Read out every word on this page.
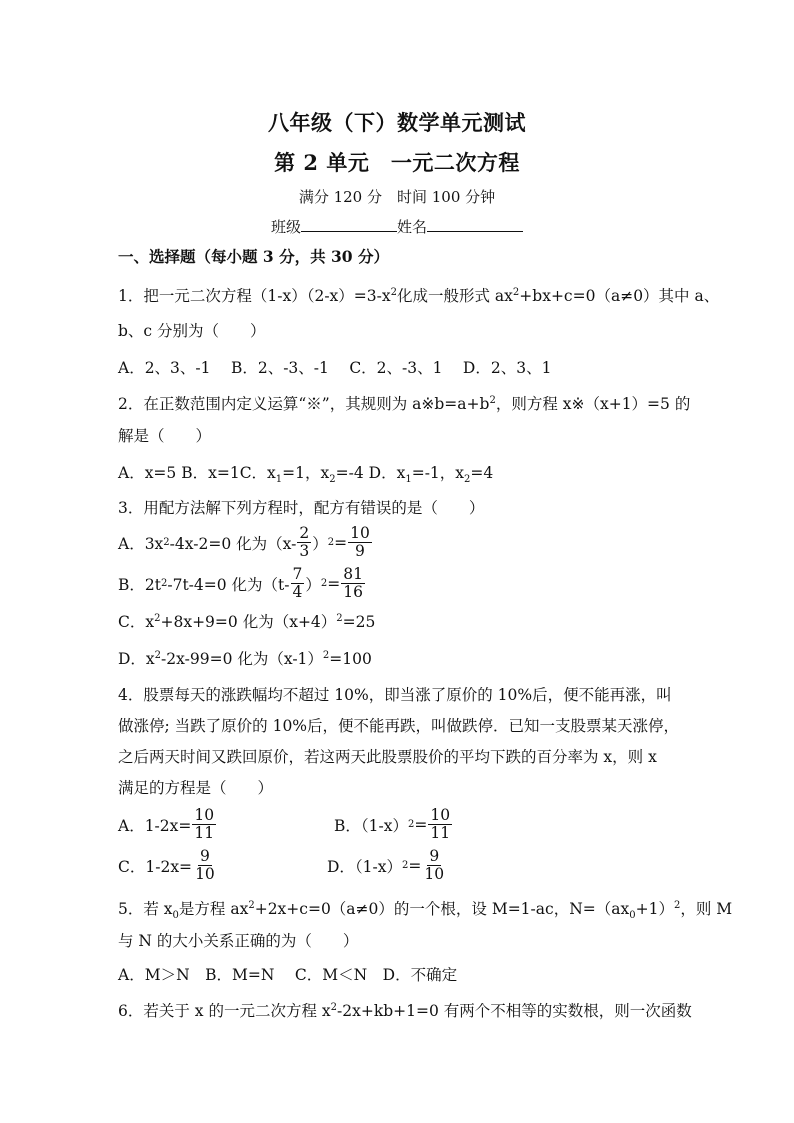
八年级（下）数学单元测试
第 2 单元　一元二次方程
满分 120 分　时间 100 分钟
班级	姓名
一、选择题（每小题 3 分，共 30 分）
1．把一元二次方程$(1-x)(2-x)=3-x^2$化成一般形式 $ax^2+bx+c=0(a\ne 0)$其中 a、
b、c 分别为（　　）
A．2、3、-1　 B．2、-3、-1　 C．2、-3、1　 D．2、3、1
2．在正数范围内定义运算“※”，其规则为 $a※b=a+b^2$，则方程 x※（x+1）=5 的
解是（　　）
A．x=5 B．x=1C．$x_1=1$，$x_2=-4$ D．$x_1=-1$，$x_2=4$
3．用配方法解下列方程时，配方有错误的是（　　）
A．3x 2 -4x-2=0 化为（$x- \frac{2}{3}$ ） $2 = \frac{10}{9}$
B．2t 2 -7t-4=0 化为（$t- \frac{7}{4}$ ） $2 = \frac{81}{16}$
C．$x^2+8x+9=0$ 化为$(x+4)^2=25$
D．$x^2-2x-99=0$ 化为$(x-1)^2=100$
4．股票每天的涨跌幅均不超过 10%，即当涨了原价的 10%后，便不能再涨，叫
做涨停; 当跌了原价的 10%后，便不能再跌，叫做跌停．已知一支股票某天涨停，
之后两天时间又跌回原价，若这两天此股票股价的平均下跌的百分率为 x，则 x
满足的方程是（　　）
A．$1-2x= \frac{10}{11}$	B．（1-x） $2 = \frac{10}{11}$
C．$1-2x= \frac{9}{10}$	D．（1-x） $2 = \frac{9}{10}$
5．若 $x_0$是方程 $ax^2+2x+c=0(a\ne 0)$的一个根，设 M=1-ac，$N=(ax_0+1)^2$，则 M
与 N 的大小关系正确的为（　　）
A．M＞N　B．M=N　 C．M＜N　D．不确定
6．若关于 x 的一元二次方程 $x^2-2x+kb+1=0$ 有两个不相等的实数根，则一次函数
